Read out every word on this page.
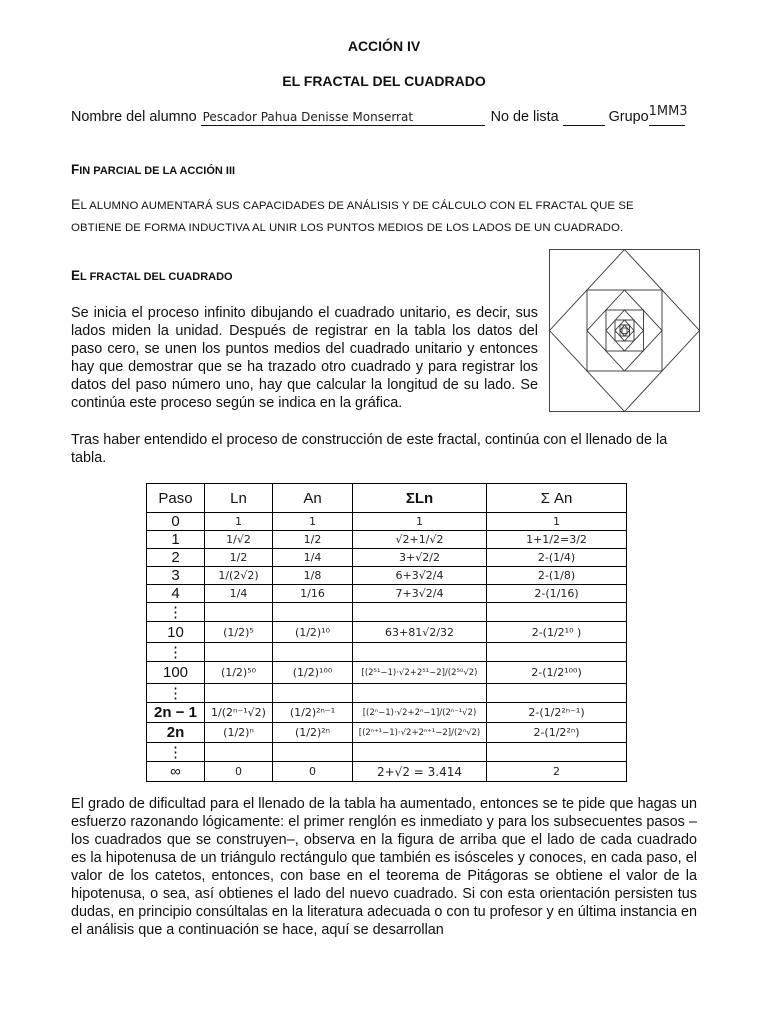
ACCIÓN IV
EL FRACTAL DEL CUADRADO
Nombre del alumno Pescador Pahua Denisse Monserrat	No de lista	Grupo 1MM3
FIN PARCIAL DE LA ACCIÓN III
EL ALUMNO AUMENTARÁ SUS CAPACIDADES DE ANÁLISIS Y DE CÁLCULO CON EL FRACTAL QUE SE
OBTIENE DE FORMA INDUCTIVA AL UNIR LOS PUNTOS MEDIOS DE LOS LADOS DE UN CUADRADO.
EL FRACTAL DEL CUADRADO
Se inicia el proceso infinito dibujando el cuadrado unitario, es decir, sus lados miden la unidad. Después de registrar en la tabla los datos del paso cero, se unen los puntos medios del cuadrado unitario y entonces hay que demostrar que se ha trazado otro cuadrado y para registrar los datos del paso número uno, hay que calcular la longitud de su lado. Se continúa este proceso según se indica en la gráfica.
Tras haber entendido el proceso de construcción de este fractal, continúa con el llenado de la tabla.
Paso	Ln	An	ΣLn	Σ An
0	1	1	1	1
1	1/√2	1/2	√2+1/√2	1+1/2=3/2
2	1/2	1/4	3+√2/2	2-(1/4)
3	1/(2√2)	1/8	6+3√2/4	2-(1/8)
4	1/4	1/16	7+3√2/4	2-(1/16)
⋮				
10	(1/2)⁵	(1/2)¹⁰	63+81√2/32	2-(1/2¹⁰ )
⋮				
100	(1/2)⁵⁰	(1/2)¹⁰⁰	[(2⁵¹−1)·√2+2⁵¹−2]/(2⁵⁰√2)	2-(1/2¹⁰⁰)
⋮				
2n − 1	1/(2ⁿ⁻¹√2)	(1/2)²ⁿ⁻¹	[(2ⁿ−1)·√2+2ⁿ−1]/(2ⁿ⁻¹√2)	2-(1/2²ⁿ⁻¹)
2n	(1/2)ⁿ	(1/2)²ⁿ	[(2ⁿ⁺¹−1)·√2+2ⁿ⁺¹−2]/(2ⁿ√2)	2-(1/2²ⁿ)
⋮				
∞	0	0	2+√2 = 3.414	2
El grado de dificultad para el llenado de la tabla ha aumentado, entonces se te pide que hagas un esfuerzo razonando lógicamente: el primer renglón es inmediato y para los subsecuentes pasos –los cuadrados que se construyen–, observa en la figura de arriba que el lado de cada cuadrado es la hipotenusa de un triángulo rectángulo que también es isósceles y conoces, en cada paso, el valor de los catetos, entonces, con base en el teorema de Pitágoras se obtiene el valor de la hipotenusa, o sea, así obtienes el lado del nuevo cuadrado. Si con esta orientación persisten tus dudas, en principio consúltalas en la literatura adecuada o con tu profesor y en última instancia en el análisis que a continuación se hace, aquí se desarrollan
